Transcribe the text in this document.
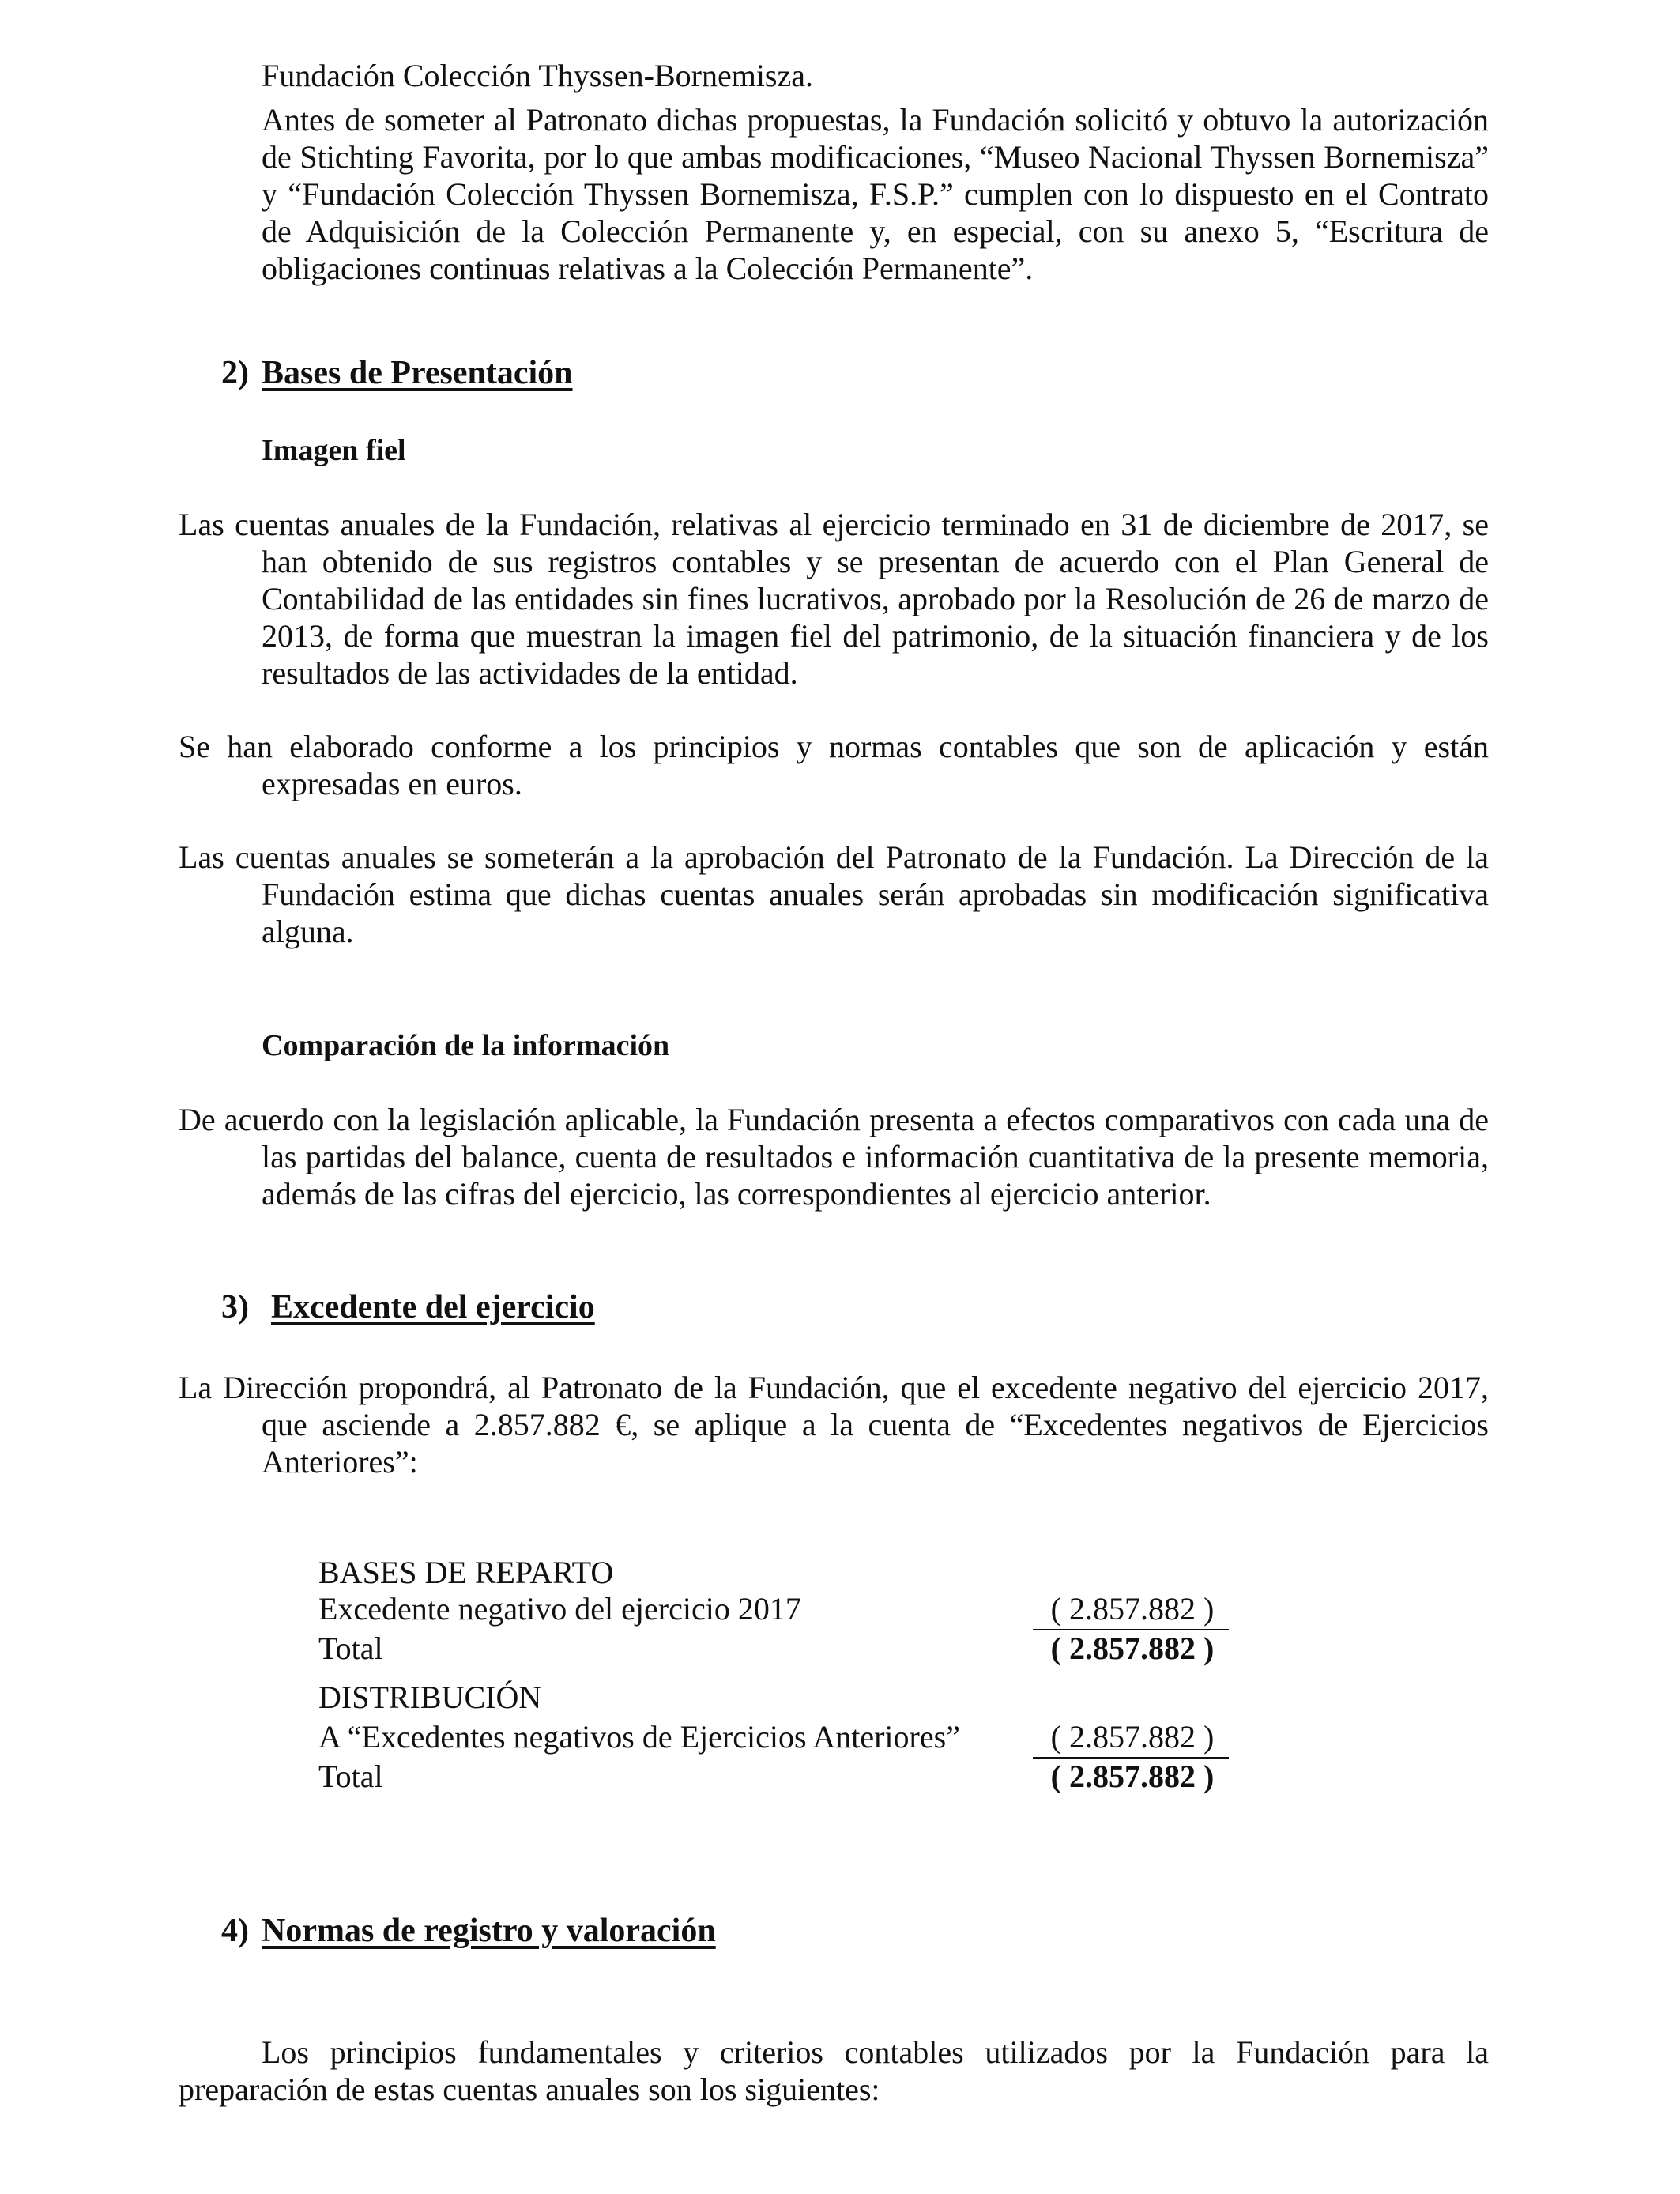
Fundación Colección Thyssen-Bornemisza.

Antes de someter al Patronato dichas propuestas, la Fundación solicitó y obtuvo la autorización de Stichting Favorita, por lo que ambas modificaciones, “Museo Nacional Thyssen Bornemisza” y “Fundación Colección Thyssen Bornemisza, F.S.P.” cumplen con lo dispuesto en el Contrato de Adquisición de la Colección Permanente y, en especial, con su anexo 5, “Escritura de obligaciones continuas relativas a la Colección Permanente”.

2) Bases de Presentación
Imagen fiel

Las cuentas anuales de la Fundación, relativas al ejercicio terminado en 31 de diciembre de 2017, se han obtenido de sus registros contables y se presentan de acuerdo con el Plan General de Contabilidad de las entidades sin fines lucrativos, aprobado por la Resolución de 26 de marzo de 2013, de forma que muestran la imagen fiel del patrimonio, de la situación financiera y de los resultados de las actividades de la entidad.

Se han elaborado conforme a los principios y normas contables que son de aplicación y están expresadas en euros.

Las cuentas anuales se someterán a la aprobación del Patronato de la Fundación. La Dirección de la Fundación estima que dichas cuentas anuales serán aprobadas sin modificación significativa alguna.

Comparación de la información

De acuerdo con la legislación aplicable, la Fundación presenta a efectos comparativos con cada una de las partidas del balance, cuenta de resultados e información cuantitativa de la presente memoria, además de las cifras del ejercicio, las correspondientes al ejercicio anterior.

3) Excedente del ejercicio

La Dirección propondrá, al Patronato de la Fundación, que el excedente negativo del ejercicio 2017, que asciende a 2.857.882 €, se aplique a la cuenta de “Excedentes negativos de Ejercicios Anteriores”:

BASES DE REPARTO
Excedente negativo del ejercicio 2017	( 2.857.882 )
Total	( 2.857.882 )
DISTRIBUCIÓN
A “Excedentes negativos de Ejercicios Anteriores”	( 2.857.882 )
Total	( 2.857.882 )
4) Normas de registro y valoración

Los principios fundamentales y criterios contables utilizados por la Fundación para la preparación de estas cuentas anuales son los siguientes:
